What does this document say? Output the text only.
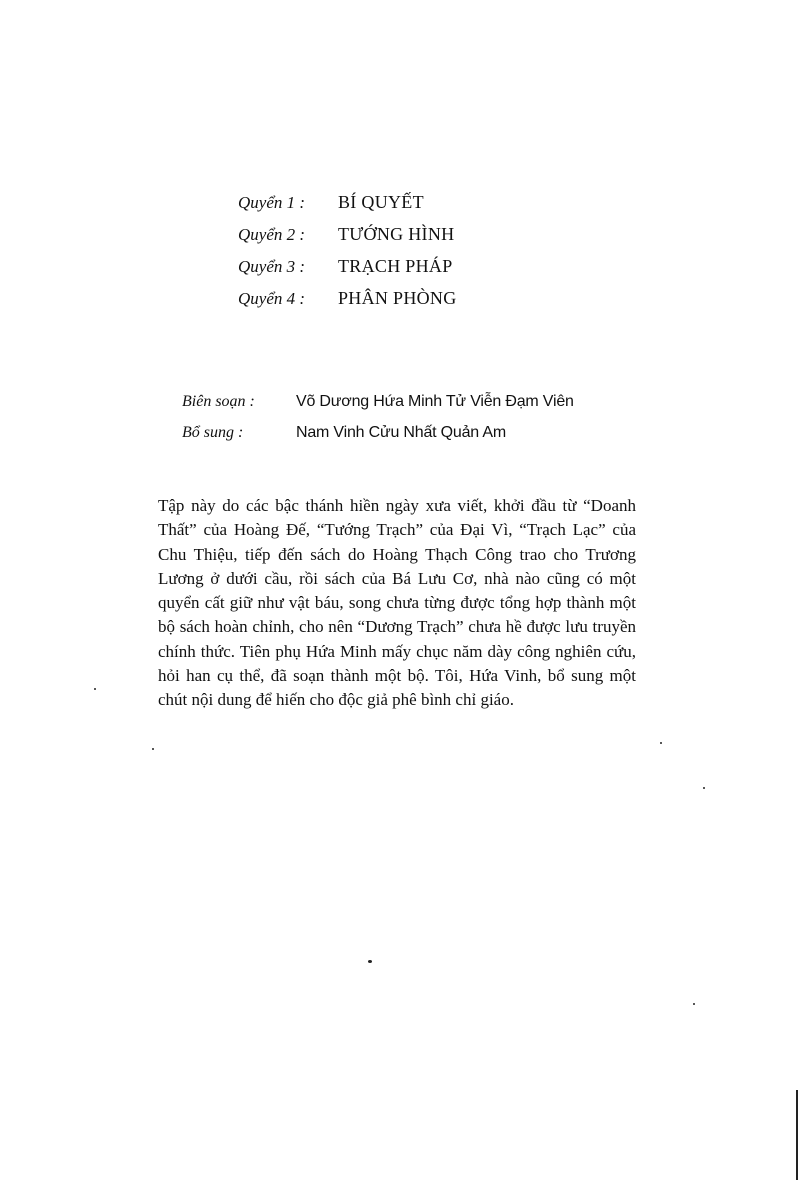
Quyển 1 :	BÍ QUYẾT
Quyển 2 :	TƯỚNG HÌNH
Quyển 3 :	TRẠCH PHÁP
Quyển 4 :	PHÂN PHÒNG
Biên soạn :	Võ Dương Hứa Minh Tử Viễn Đạm Viên
Bổ sung :	Nam Vinh Cửu Nhất Quản Am

Tập này do các bậc thánh hiền ngày xưa viết, khởi đầu từ “Doanh Thất” của Hoàng Đế, “Tướng Trạch” của Đại Vì, “Trạch Lạc” của Chu Thiệu, tiếp đến sách do Hoàng Thạch Công trao cho Trương Lương ở dưới cầu, rồi sách của Bá Lưu Cơ, nhà nào cũng có một quyển cất giữ như vật báu, song chưa từng được tổng hợp thành một bộ sách hoàn chỉnh, cho nên “Dương Trạch” chưa hề được lưu truyền chính thức. Tiên phụ Hứa Minh mấy chục năm dày công nghiên cứu, hỏi han cụ thể, đã soạn thành một bộ. Tôi, Hứa Vinh, bổ sung một chút nội dung để hiến cho độc giả phê bình chỉ giáo.
